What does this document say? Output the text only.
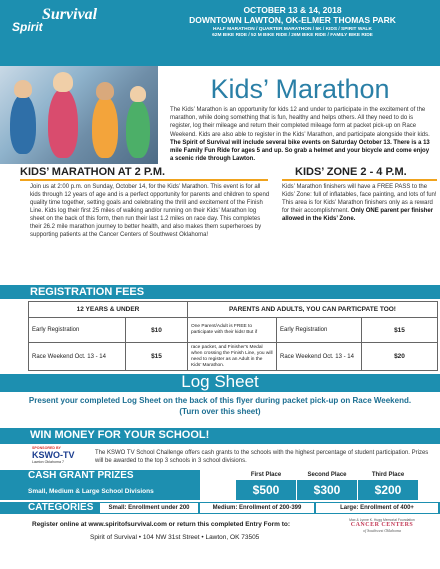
Spirit
Survival	OCTOBER 13 & 14, 2018
DOWNTOWN LAWTON, OK-ELMER THOMAS PARK
HALF MARATHON / QUARTER MARATHON / 5K / KIDS / SPIRIT WALK
62M BIKE RIDE / 52 M BIKE RIDE / 26M BIKE RIDE / FAMILY BIKE RIDE
Kids’ Marathon
The Kids’ Marathon is an opportunity for kids 12 and under to participate in the excitement of the marathon, while doing something that is fun, healthy and helps others. All they need to do is register, log their mileage and return their completed mileage form at packet pick-up on Race Weekend. Kids are also able to register in the Kids’ Marathon, and participate alongside their kids. The Spirit of Survival will include several bike events on Saturday October 13. There is a 13 mile Family Fun Ride for ages 5 and up. So grab a helmet and your bicycle and come enjoy a scenic ride through Lawton.
KIDS’ MARATHON AT 2 P.M.	KIDS’ ZONE 2 - 4 P.M.
Join us at 2:00 p.m. on Sunday, October 14, for the Kids’ Marathon. This event is for all kids through 12 years of age and is a perfect opportunity for parents and children to spend quality time together, setting goals and celebrating the thrill and excitement of the Finish Line. Kids log their first 25 miles of walking and/or running on their Kids’ Marathon log sheet on the back of this form, then run their last 1.2 miles on race day. This completes their 26.2 mile marathon journey to better health, and also makes them superheroes by supporting patients at the Cancer Centers of Southwest Oklahoma!
Kids’ Marathon finishers will have a FREE PASS to the Kids’ Zone: full of inflatables, face painting, and lots of fun! This area is for Kids’ Marathon finishers only as a reward for their accomplishment. Only ONE parent per finisher allowed in the Kids’ Zone.
REGISTRATION FEES
12 YEARS & UNDER		PARENTS AND ADULTS, YOU CAN PARTICPATE TOO!		
Early Registration	$10	One Parent/Adult is FREE to participate with their kids! But if	Early Registration	$15
Race Weekend Oct. 13 - 14	$15	race packet, and Finisher's Medal when crossing the Finish Line, you will need to register as an Adult in the Kids’ Marathon.	Race Weekend Oct. 13 - 14	$20
Log Sheet
Present your completed Log Sheet on the back of this flyer during packet pick-up on Race Weekend.
(Turn over this sheet)
WIN MONEY FOR YOUR SCHOOL!
SPONSORED BY
KSWO-TV
Lawton Oklahoma 7
The KSWO TV School Challenge offers cash grants to the schools with the highest percentage of student participation. Prizes will be awarded to the top 3 schools in 3 school divisions.
CASH GRANT PRIZES
Small, Medium & Large School Divisions
First Place
$500
Second Place
$300
Third Place
$200
CATEGORIES	Small: Enrollment under 200	Medium: Enrollment of 200-399	Large: Enrollment of 400+
Register online at www.spiritofsurvival.com or return this completed Entry Form to:
Spirit of Survival • 104 NW 31st Street • Lawton, OK 73505
Max & Lynne K. Hugg Memorial Foundation
CANCER CENTERS
of Southwest Oklahoma
